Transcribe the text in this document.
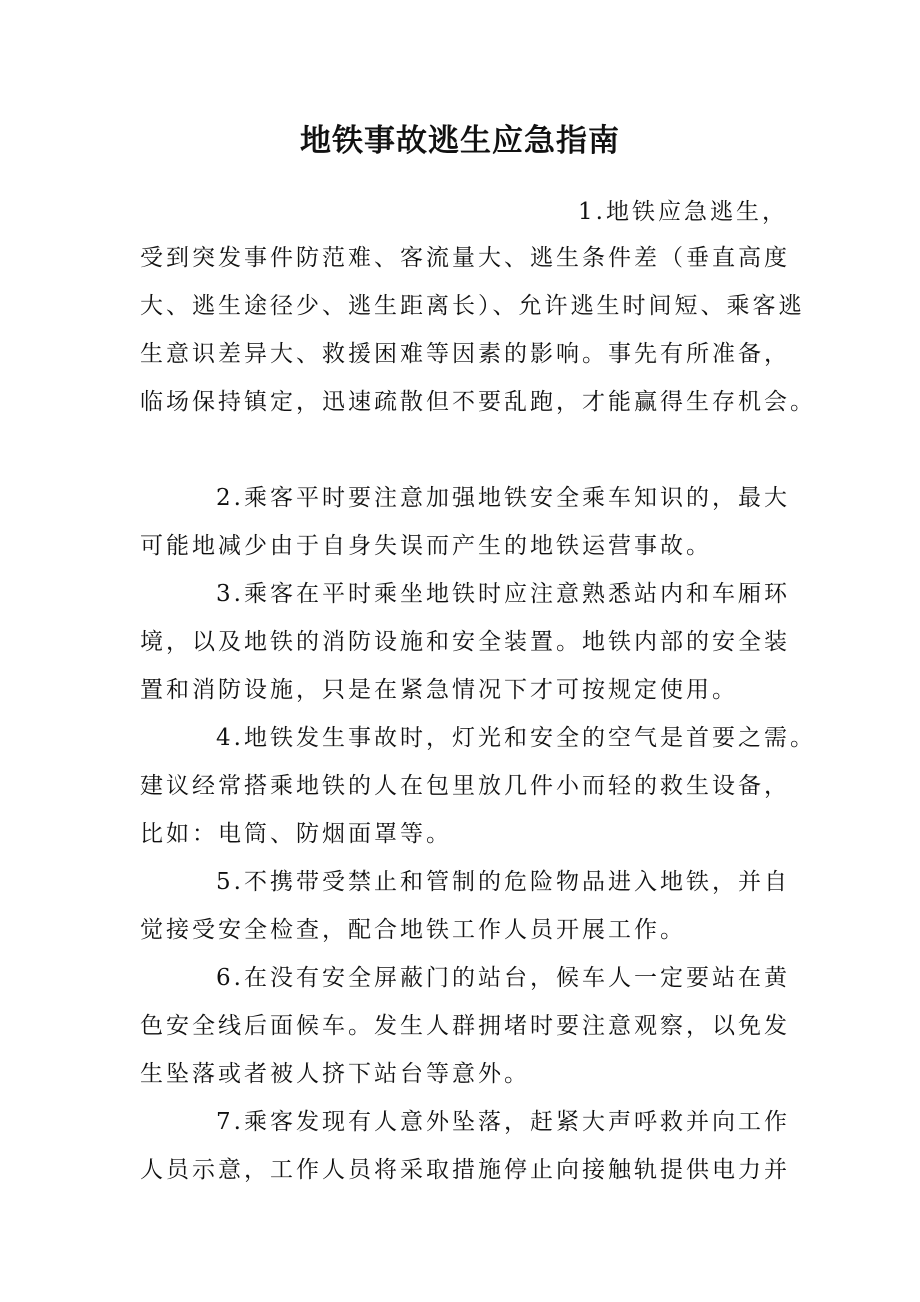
地铁事故逃生应急指南

1.地铁应急逃生，

受到突发事件防范难、客流量大、逃生条件差（垂直高度

大、逃生途径少、逃生距离长）、允许逃生时间短、乘客逃

生意识差异大、救援困难等因素的影响。事先有所准备，

临场保持镇定，迅速疏散但不要乱跑，才能赢得生存机会。

2.乘客平时要注意加强地铁安全乘车知识的，最大

可能地减少由于自身失误而产生的地铁运营事故。

3.乘客在平时乘坐地铁时应注意熟悉站内和车厢环

境，以及地铁的消防设施和安全装置。地铁内部的安全装

置和消防设施，只是在紧急情况下才可按规定使用。

4.地铁发生事故时，灯光和安全的空气是首要之需。

建议经常搭乘地铁的人在包里放几件小而轻的救生设备，

比如：电筒、防烟面罩等。

5.不携带受禁止和管制的危险物品进入地铁，并自

觉接受安全检查，配合地铁工作人员开展工作。

6.在没有安全屏蔽门的站台，候车人一定要站在黄

色安全线后面候车。发生人群拥堵时要注意观察，以免发

生坠落或者被人挤下站台等意外。

7.乘客发现有人意外坠落，赶紧大声呼救并向工作

人员示意，工作人员将采取措施停止向接触轨提供电力并
